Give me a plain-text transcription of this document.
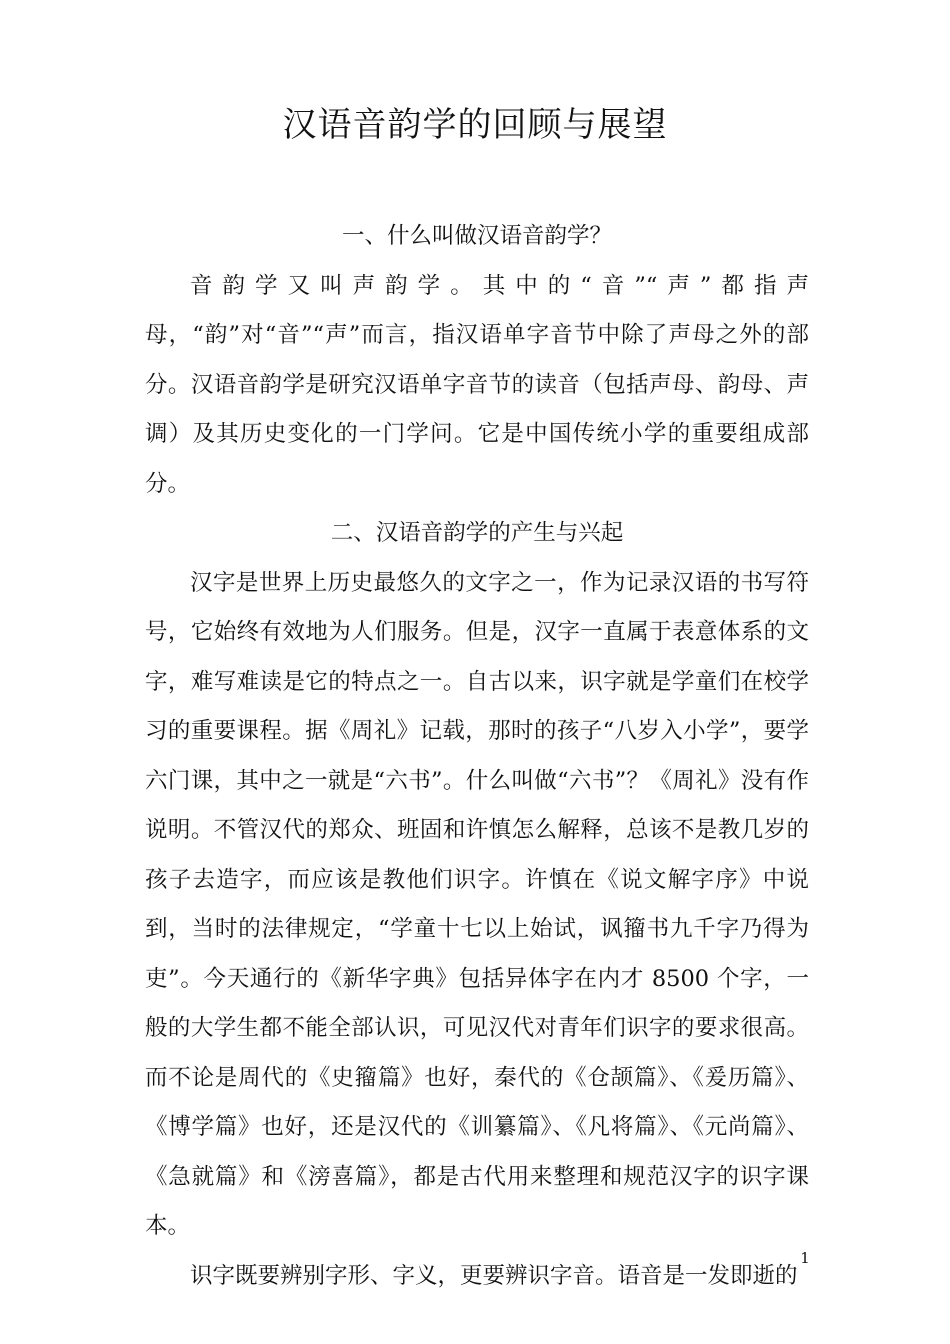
汉语音韵学的回顾与展望

一、什么叫做汉语音韵学？

音韵学又叫声韵学。其中的“音”“声”都指声母，“韵”对“音”“声”而言，指汉语单字音节中除了声母之外的部分。汉语音韵学是研究汉语单字音节的读音（包括声母、韵母、声调）及其历史变化的一门学问。它是中国传统小学的重要组成部分。

二、汉语音韵学的产生与兴起

汉字是世界上历史最悠久的文字之一，作为记录汉语的书写符号，它始终有效地为人们服务。但是，汉字一直属于表意体系的文字，难写难读是它的特点之一。自古以来，识字就是学童们在校学习的重要课程。据《周礼》记载，那时的孩子“八岁入小学”，要学六门课，其中之一就是“六书”。什么叫做“六书”？《周礼》没有作说明。不管汉代的郑众、班固和许慎怎么解释，总该不是教几岁的孩子去造字，而应该是教他们识字。许慎在《说文解字序》中说到，当时的法律规定，“学童十七以上始试，讽籀书九千字乃得为吏”。今天通行的《新华字典》包括异体字在内才 8500 个字，一般的大学生都不能全部认识，可见汉代对青年们识字的要求很高。而不论是周代的《史籀篇》也好，秦代的《仓颉篇》、《爰历篇》、《博学篇》也好，还是汉代的《训纂篇》、《凡将篇》、《元尚篇》、《急就篇》和《滂喜篇》，都是古代用来整理和规范汉字的识字课本。

识字既要辨别字形、字义，更要辨识字音。语音是一发即逝的

1
